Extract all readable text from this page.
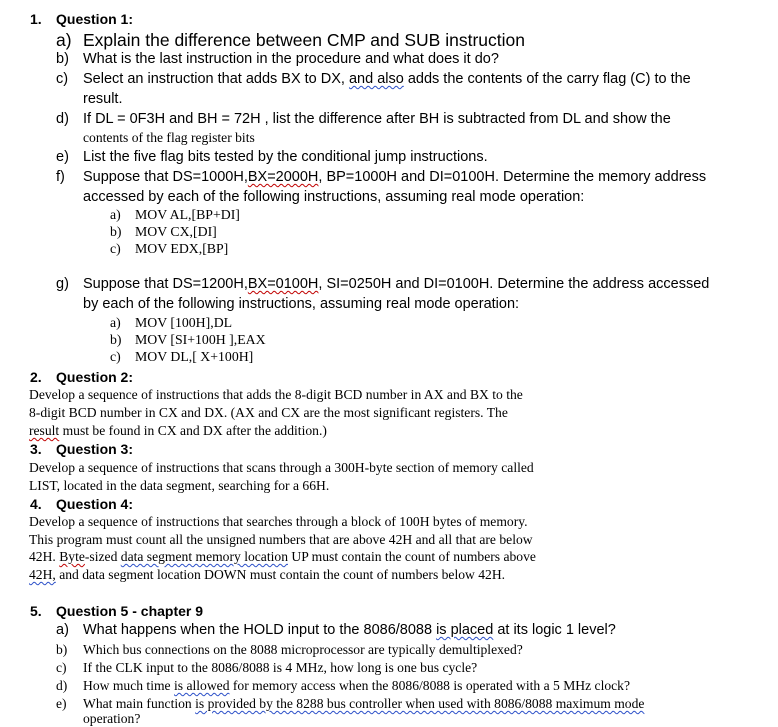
1. Question 1:
a) Explain the difference between CMP and SUB instruction
b) What is the last instruction in the procedure and what does it do?
c) Select an instruction that adds BX to DX, and also adds the contents of the carry flag (C) to the
result.
d) If DL = 0F3H and BH = 72H , list the difference after BH is subtracted from DL and show the
contents of the flag register bits
e) List the five flag bits tested by the conditional jump instructions.
f) Suppose that DS=1000H,BX=2000H, BP=1000H and DI=0100H. Determine the memory address
accessed by each of the following instructions, assuming real mode operation:
a) MOV AL,[BP+DI]
b) MOV CX,[DI]
c) MOV EDX,[BP]
g) Suppose that DS=1200H,BX=0100H, SI=0250H and DI=0100H. Determine the address accessed
by each of the following instructions, assuming real mode operation:
a) MOV [100H],DL
b) MOV [SI+100H ],EAX
c) MOV DL,[ X+100H]
2. Question 2:
Develop a sequence of instructions that adds the 8-digit BCD number in AX and BX to the
8-digit BCD number in CX and DX. (AX and CX are the most significant registers. The
result must be found in CX and DX after the addition.)
3. Question 3:
Develop a sequence of instructions that scans through a 300H-byte section of memory called
LIST, located in the data segment, searching for a 66H.
4. Question 4:
Develop a sequence of instructions that searches through a block of 100H bytes of memory.
This program must count all the unsigned numbers that are above 42H and all that are below
42H. Byte-sized data segment memory location UP must contain the count of numbers above
42H, and data segment location DOWN must contain the count of numbers below 42H.
5. Question 5 - chapter 9
a) What happens when the HOLD input to the 8086/8088 is placed at its logic 1 level?
b) Which bus connections on the 8088 microprocessor are typically demultiplexed?
c) If the CLK input to the 8086/8088 is 4 MHz, how long is one bus cycle?
d) How much time is allowed for memory access when the 8086/8088 is operated with a 5 MHz clock?
e) What main function is provided by the 8288 bus controller when used with 8086/8088 maximum mode
operation?
